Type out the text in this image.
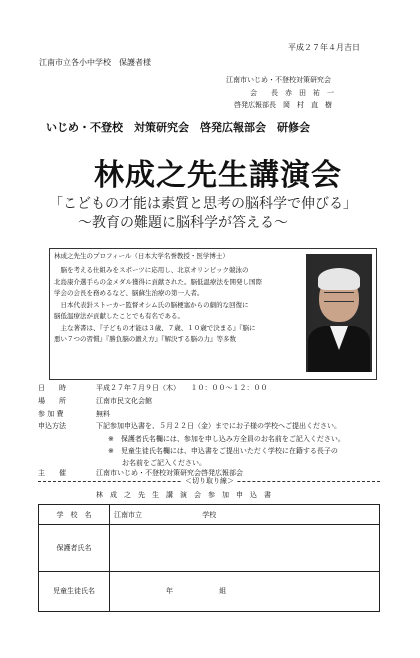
平成２７年４月吉日
江南市立各小中学校　保護者様
江南市いじめ・不登校対策研究会
会　　長　赤　田　祐　一
啓発広報部長　岡　村　直　樹
いじめ・不登校　対策研究会　啓発広報部会　研修会
林成之先生講演会
「こどもの才能は素質と思考の脳科学で伸びる」
～教育の難題に脳科学が答える～
林成之先生のプロフィール（日本大学名誉教授・医学博士）
　脳を考える仕組みをスポーツに応用し、北京オリンピック競泳の
北島康介選手らの金メダル獲得に貢献された。脳低温療法を開発し国際
学会の会長を務めるなど、脳蘇生治療の第一人者。
　日本代表針ストーカー監督オシム氏の脳梗塞からの劇的な回復に
脳低温療法が貢献したことでも有名である。
　主な著書は、『子どもの才能は３歳、７歳、１０歳で決まる』『脳に
悪い７つの習慣』『勝負脳の鍛え方』『解決する脳の力』等多数
日　　時	平成２７年７月９日（木）　　１０：００～１２：００
場　　所	江南市民文化会館
参 加 費	無料
申込方法	下記参加申込書を、５月２２日（金）までにお子様の学校へご提出ください。
※　保護者氏名欄には、参加を申し込み方全員のお名前をご記入ください。
※　児童生徒氏名欄には、申込書をご提出いただく学校に在籍する長子の
　　お名前をご記入ください。
主　　催	江南市いじめ・不登校対策研究会啓発広報部会
＜切り取り線＞
林　成　之　先　生　講　演　会　参　加　申　込　書
学　校　名	江南市立 学校
保護者氏名	
児童生徒氏名	年 組
